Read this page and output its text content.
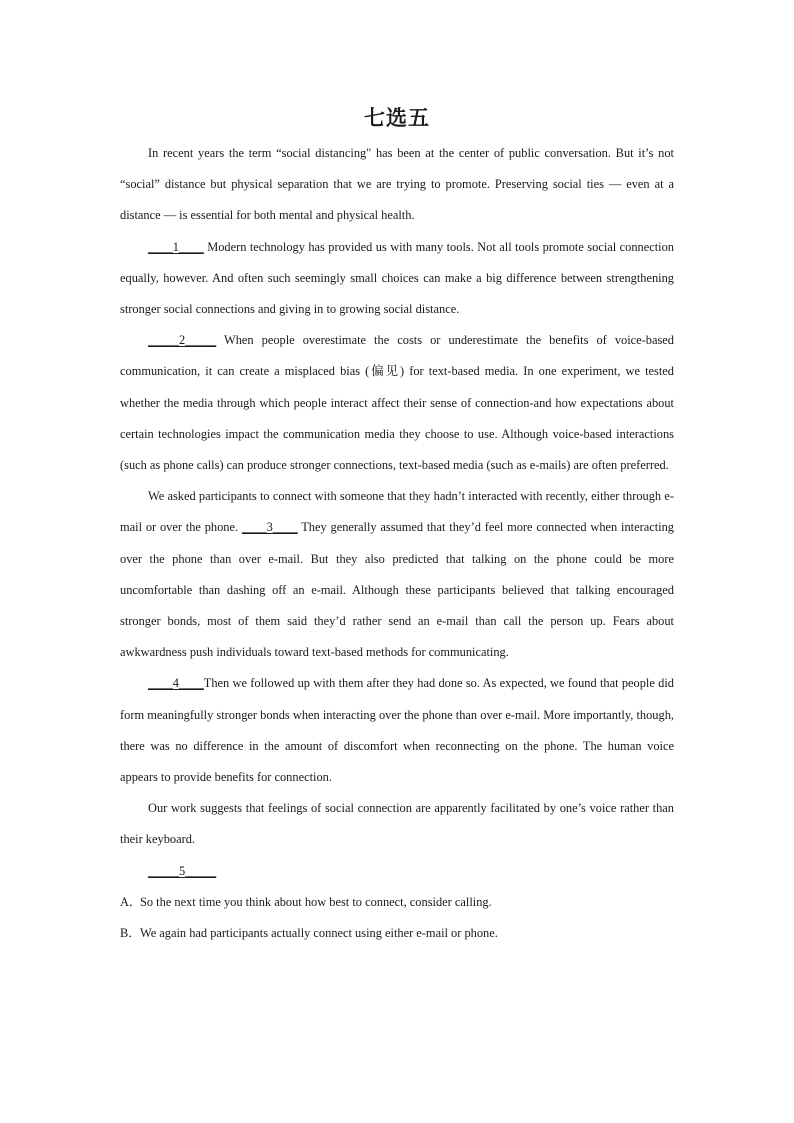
七选五

In recent years the term “social distancing" has been at the center of public conversation. But it’s not “social” distance but physical separation that we are trying to promote. Preserving social ties — even at a distance — is essential for both mental and physical health.

____1____ Modern technology has provided us with many tools. Not all tools promote social connection equally, however. And often such seemingly small choices can make a big difference between strengthening stronger social connections and giving in to growing social distance.

_____2_____ When people overestimate the costs or underestimate the benefits of voice-based communication, it can create a misplaced bias (偏见) for text-based media. In one experiment, we tested whether the media through which people interact affect their sense of connection-and how expectations about certain technologies impact the communication media they choose to use. Although voice-based interactions (such as phone calls) can produce stronger connections, text-based media (such as e-mails) are often preferred.

We asked participants to connect with someone that they hadn’t interacted with recently, either through e-mail or over the phone. ____3____ They generally assumed that they’d feel more connected when interacting over the phone than over e-mail. But they also predicted that talking on the phone could be more uncomfortable than dashing off an e-mail. Although these participants believed that talking encouraged stronger bonds, most of them said they’d rather send an e-mail than call the person up. Fears about awkwardness push individuals toward text-based methods for communicating.

____4____Then we followed up with them after they had done so. As expected, we found that people did form meaningfully stronger bonds when interacting over the phone than over e-mail. More importantly, though, there was no difference in the amount of discomfort when reconnecting on the phone. The human voice appears to provide benefits for connection.

Our work suggests that feelings of social connection are apparently facilitated by one’s voice rather than their keyboard.

_____5_____

A．So the next time you think about how best to connect, consider calling.

B．We again had participants actually connect using either e-mail or phone.
